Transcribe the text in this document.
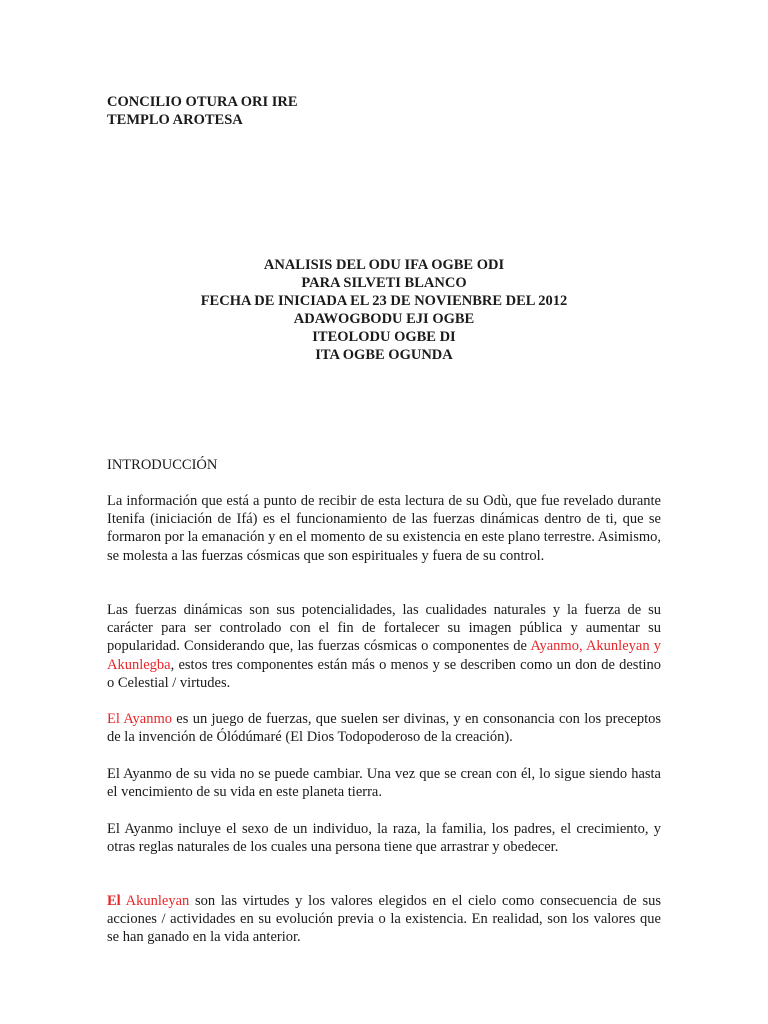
CONCILIO OTURA ORI IRE
TEMPLO AROTESA
ANALISIS DEL ODU IFA OGBE ODI
PARA SILVETI BLANCO
FECHA DE INICIADA EL 23 DE NOVIENBRE DEL 2012
ADAWOGBODU EJI OGBE
ITEOLODU OGBE DI
ITA OGBE OGUNDA
INTRODUCCIÓN

La información que está a punto de recibir de esta lectura de su Odù, que fue revelado durante Itenifa (iniciación de Ifá) es el funcionamiento de las fuerzas dinámicas dentro de ti, que se formaron por la emanación y en el momento de su existencia en este plano terrestre. Asimismo, se molesta a las fuerzas cósmicas que son espirituales y fuera de su control.

Las fuerzas dinámicas son sus potencialidades, las cualidades naturales y la fuerza de su carácter para ser controlado con el fin de fortalecer su imagen pública y aumentar su popularidad. Considerando que, las fuerzas cósmicas o componentes de Ayanmo, Akunleyan y Akunlegba, estos tres componentes están más o menos y se describen como un don de destino o Celestial / virtudes.

El Ayanmo es un juego de fuerzas, que suelen ser divinas, y en consonancia con los preceptos de la invención de Ólódúmaré (El Dios Todopoderoso de la creación).

El Ayanmo de su vida no se puede cambiar. Una vez que se crean con él, lo sigue siendo hasta el vencimiento de su vida en este planeta tierra.

El Ayanmo incluye el sexo de un individuo, la raza, la familia, los padres, el crecimiento, y otras reglas naturales de los cuales una persona tiene que arrastrar y obedecer.

El Akunleyan son las virtudes y los valores elegidos en el cielo como consecuencia de sus acciones / actividades en su evolución previa o la existencia. En realidad, son los valores que se han ganado en la vida anterior.
